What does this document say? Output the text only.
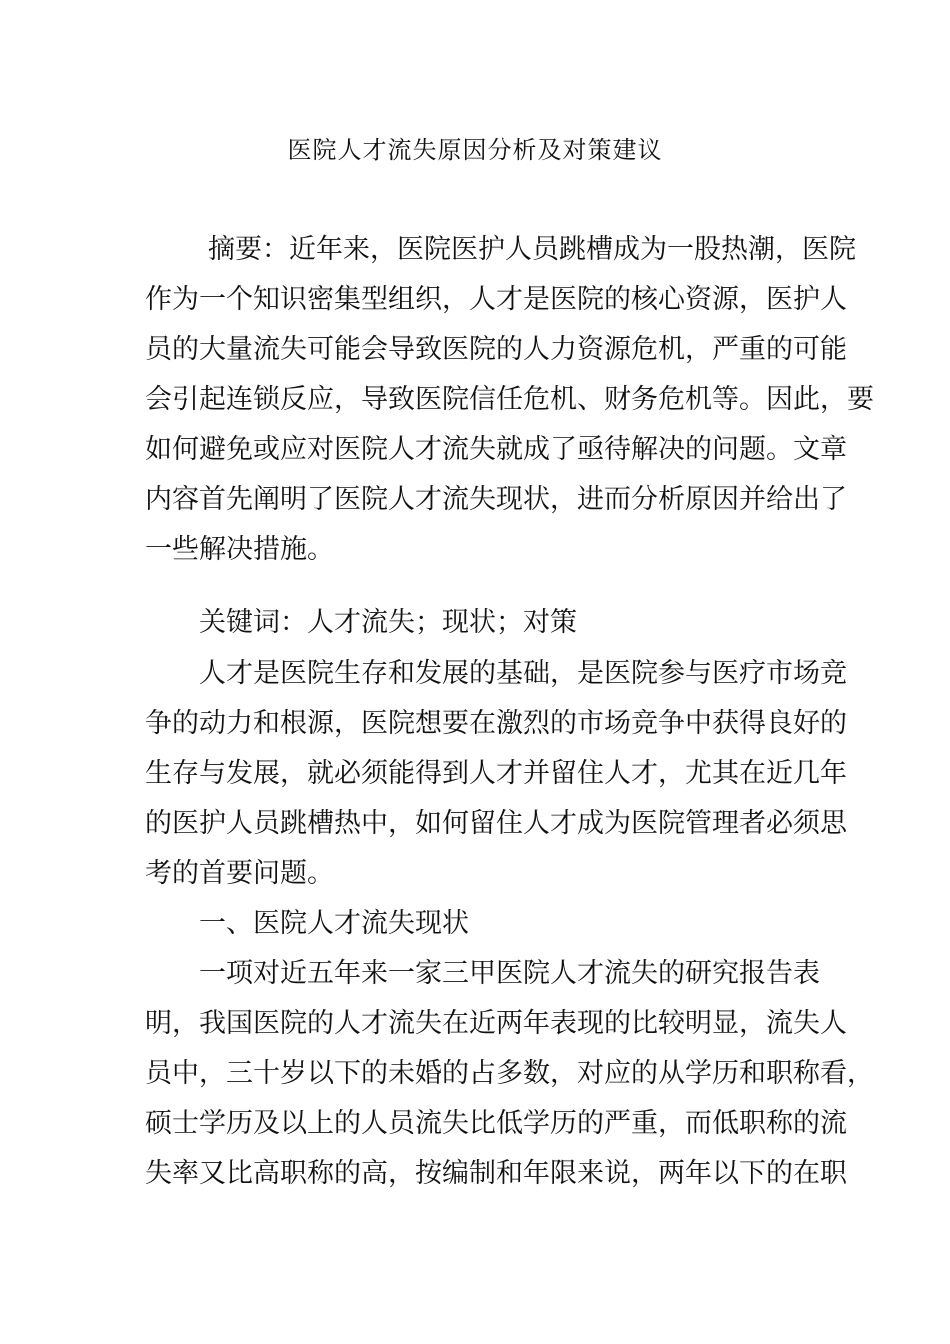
医院人才流失原因分析及对策建议
摘要：近年来，医院医护人员跳槽成为一股热潮，医院
作为一个知识密集型组织，人才是医院的核心资源，医护人
员的大量流失可能会导致医院的人力资源危机，严重的可能
会引起连锁反应，导致医院信任危机、财务危机等。因此，要
如何避免或应对医院人才流失就成了亟待解决的问题。文章
内容首先阐明了医院人才流失现状，进而分析原因并给出了
一些解决措施。
关键词：人才流失；现状；对策
人才是医院生存和发展的基础，是医院参与医疗市场竞
争的动力和根源，医院想要在激烈的市场竞争中获得良好的
生存与发展，就必须能得到人才并留住人才，尤其在近几年
的医护人员跳槽热中，如何留住人才成为医院管理者必须思
考的首要问题。
一、医院人才流失现状
一项对近五年来一家三甲医院人才流失的研究报告表
明，我国医院的人才流失在近两年表现的比较明显，流失人
员中，三十岁以下的未婚的占多数，对应的从学历和职称看，
硕士学历及以上的人员流失比低学历的严重，而低职称的流
失率又比高职称的高，按编制和年限来说，两年以下的在职
